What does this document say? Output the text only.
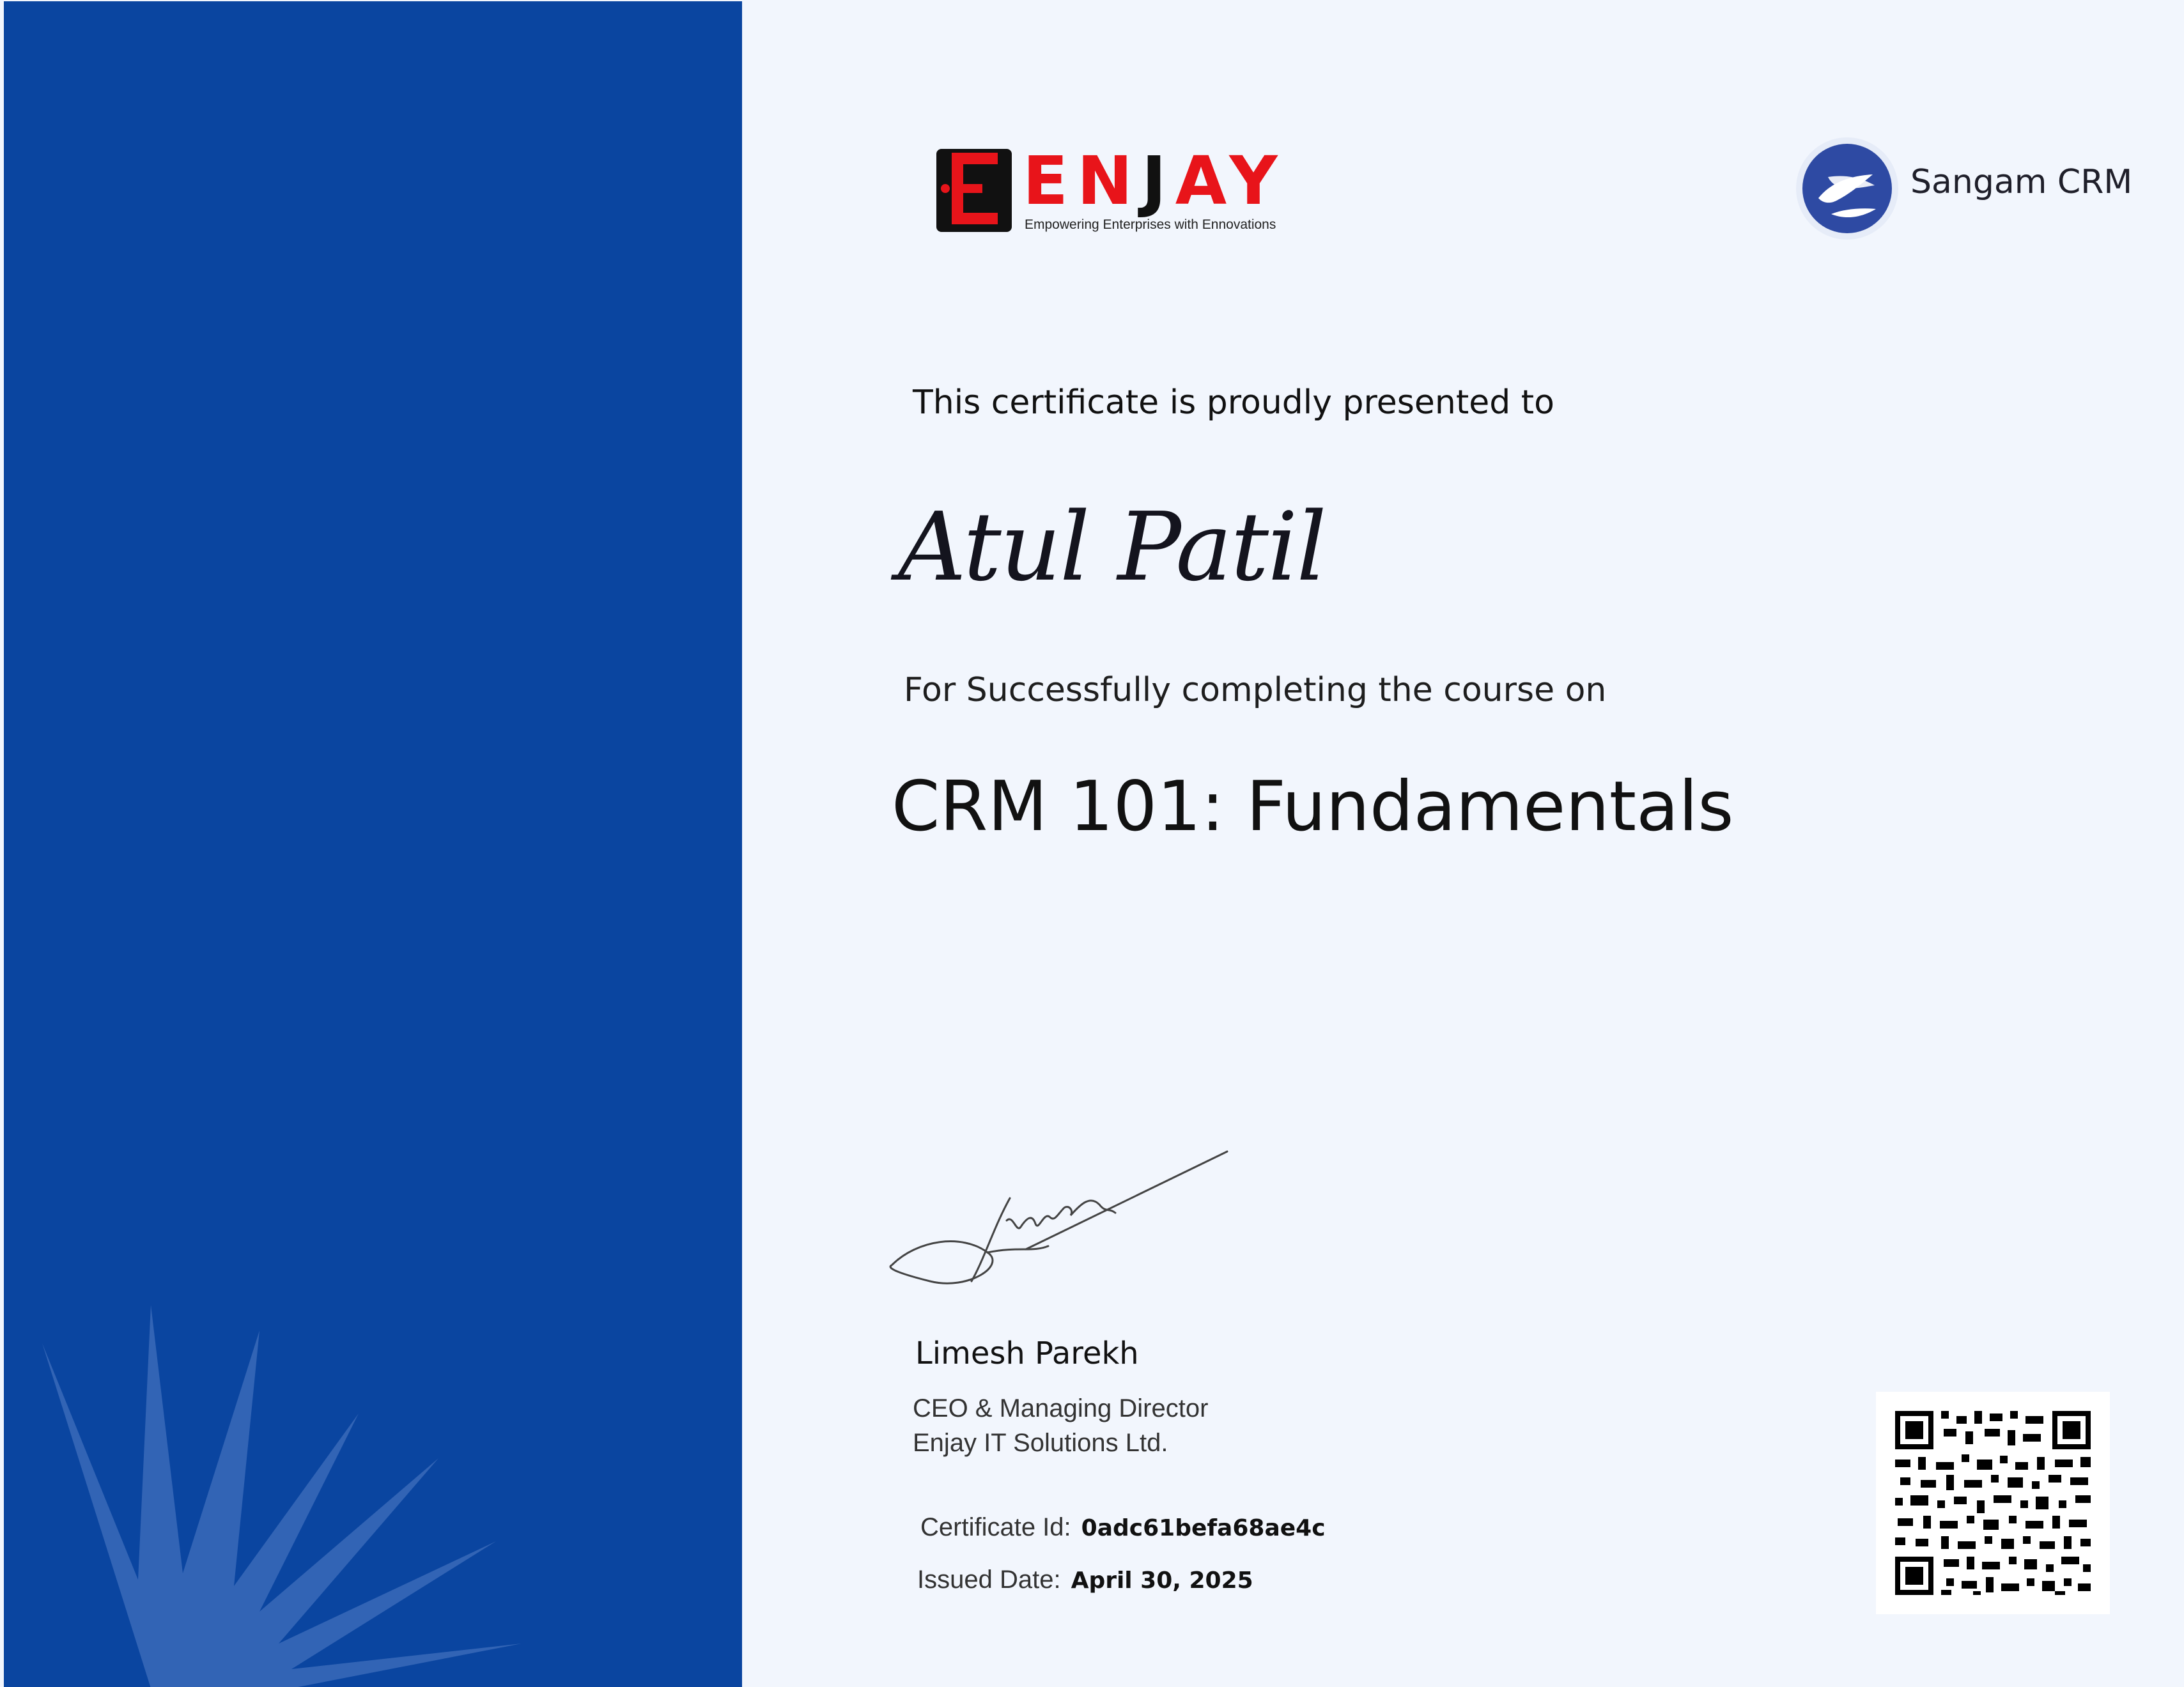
ENJAY
Empowering Enterprises with Ennovations
Sangam CRM
This certificate is proudly presented to
Atul Patil
For Successfully completing the course on
CRM 101: Fundamentals
Limesh Parekh
CEO & Managing Director
Enjay IT Solutions Ltd.
Certificate Id: 0adc61befa68ae4c
Issued Date: April 30, 2025
